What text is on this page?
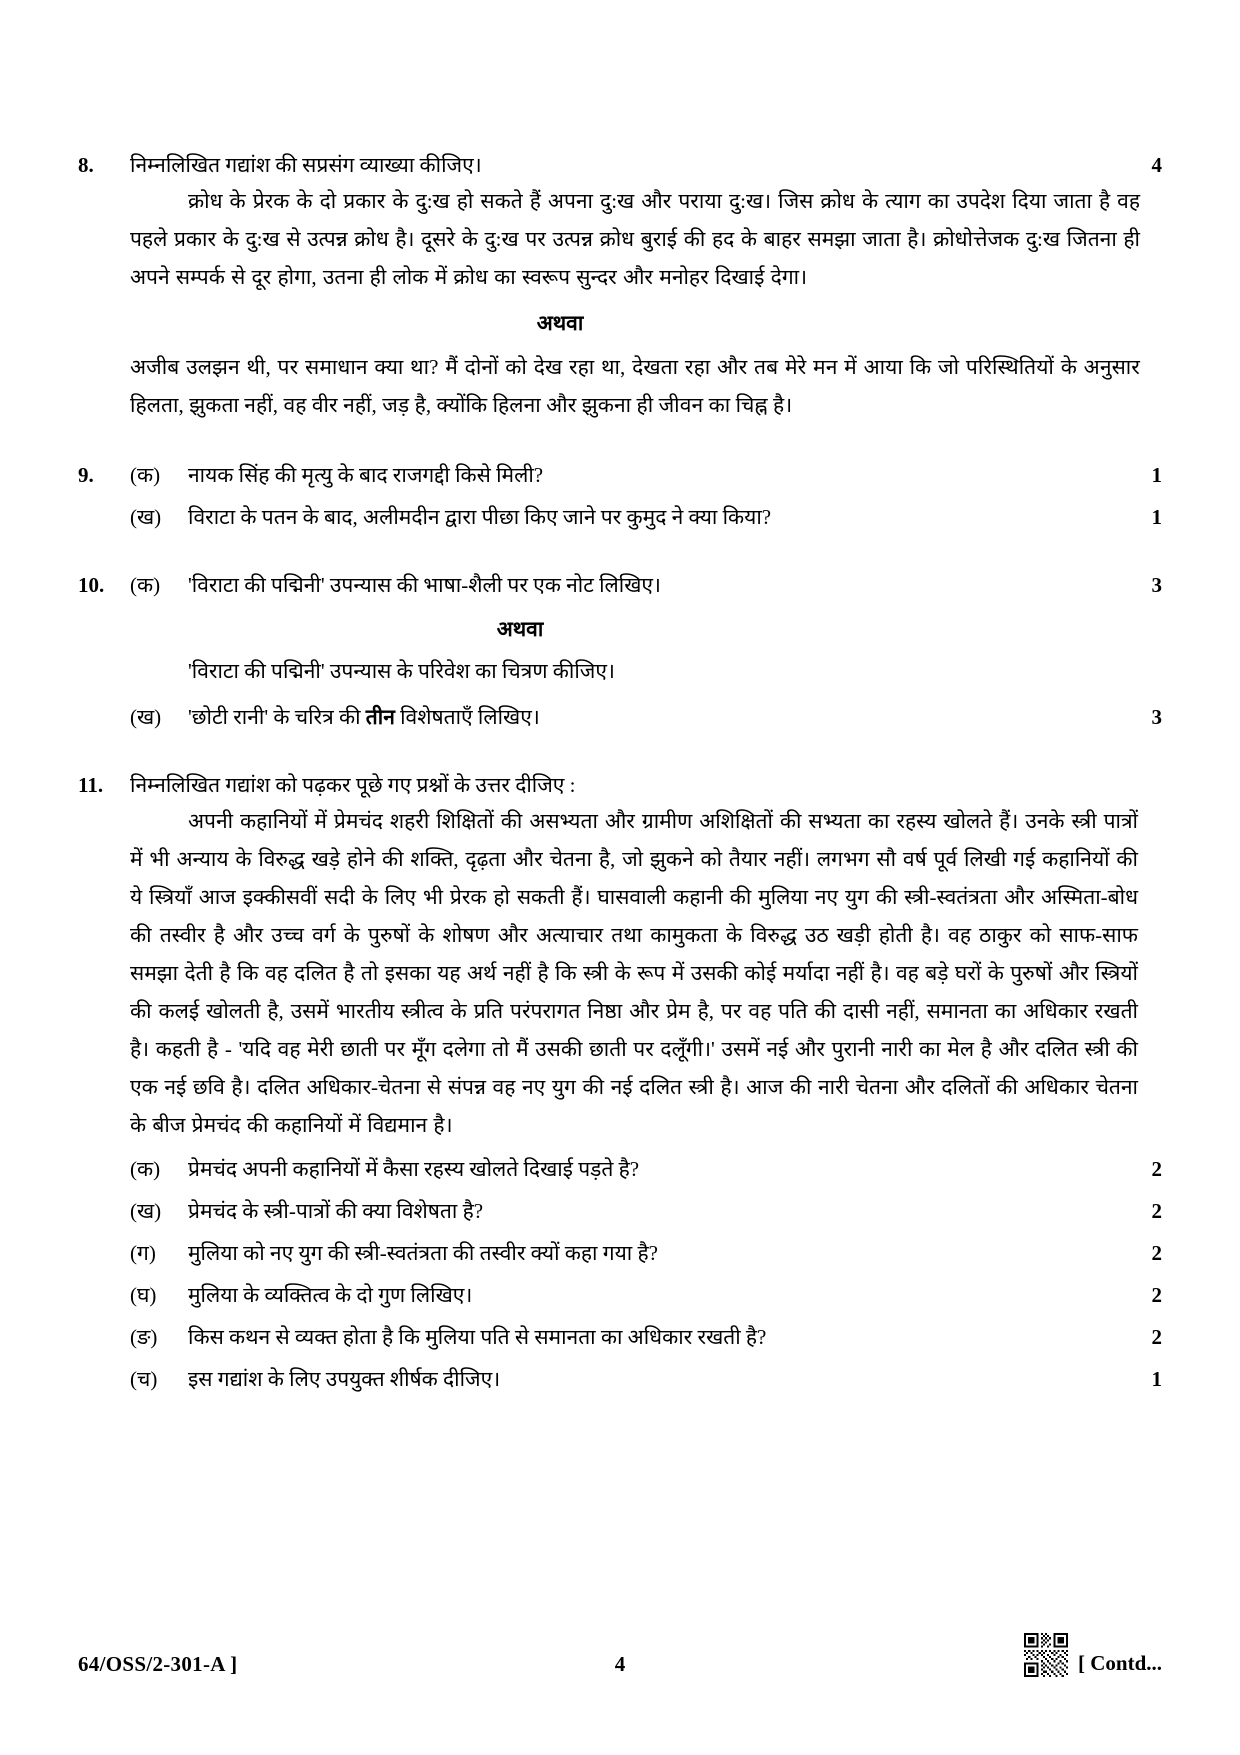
8.	निम्नलिखित गद्यांश की सप्रसंग व्याख्या कीजिए।	4

क्रोध के प्रेरक के दो प्रकार के दु:ख हो सकते हैं अपना दु:ख और पराया दु:ख। जिस क्रोध के त्याग का उपदेश दिया जाता है वह पहले प्रकार के दु:ख से उत्पन्न क्रोध है। दूसरे के दु:ख पर उत्पन्न क्रोध बुराई की हद के बाहर समझा जाता है। क्रोधोत्तेजक दु:ख जितना ही अपने सम्पर्क से दूर होगा, उतना ही लोक में क्रोध का स्वरूप सुन्दर और मनोहर दिखाई देगा।

अथवा

अजीब उलझन थी, पर समाधान क्या था? मैं दोनों को देख रहा था, देखता रहा और तब मेरे मन में आया कि जो परिस्थितियों के अनुसार हिलता, झुकता नहीं, वह वीर नहीं, जड़ है, क्योंकि हिलना और झुकना ही जीवन का चिह्न है।

9.	(क)	नायक सिंह की मृत्यु के बाद राजगद्दी किसे मिली?	1
(ख)	विराटा के पतन के बाद, अलीमदीन द्वारा पीछा किए जाने पर कुमुद ने क्या किया?	1
10.	(क)	'विराटा की पद्मिनी' उपन्यास की भाषा-शैली पर एक नोट लिखिए।	3
अथवा
'विराटा की पद्मिनी' उपन्यास के परिवेश का चित्रण कीजिए।
(ख)	'छोटी रानी' के चरित्र की तीन विशेषताएँ लिखिए।	3
11.	निम्नलिखित गद्यांश को पढ़कर पूछे गए प्रश्नों के उत्तर दीजिए :

अपनी कहानियों में प्रेमचंद शहरी शिक्षितों की असभ्यता और ग्रामीण अशिक्षितों की सभ्यता का रहस्य खोलते हैं। उनके स्त्री पात्रों में भी अन्याय के विरुद्ध खड़े होने की शक्ति, दृढ़ता और चेतना है, जो झुकने को तैयार नहीं। लगभग सौ वर्ष पूर्व लिखी गई कहानियों की ये स्त्रियाँ आज इक्कीसवीं सदी के लिए भी प्रेरक हो सकती हैं। घासवाली कहानी की मुलिया नए युग की स्त्री-स्वतंत्रता और अस्मिता-बोध की तस्वीर है और उच्च वर्ग के पुरुषों के शोषण और अत्याचार तथा कामुकता के विरुद्ध उठ खड़ी होती है। वह ठाकुर को साफ-साफ समझा देती है कि वह दलित है तो इसका यह अर्थ नहीं है कि स्त्री के रूप में उसकी कोई मर्यादा नहीं है। वह बड़े घरों के पुरुषों और स्त्रियों की कलई खोलती है, उसमें भारतीय स्त्रीत्व के प्रति परंपरागत निष्ठा और प्रेम है, पर वह पति की दासी नहीं, समानता का अधिकार रखती है। कहती है - 'यदि वह मेरी छाती पर मूँग दलेगा तो मैं उसकी छाती पर दलूँगी।' उसमें नई और पुरानी नारी का मेल है और दलित स्त्री की एक नई छवि है। दलित अधिकार-चेतना से संपन्न वह नए युग की नई दलित स्त्री है। आज की नारी चेतना और दलितों की अधिकार चेतना के बीज प्रेमचंद की कहानियों में विद्यमान है।

(क)	प्रेमचंद अपनी कहानियों में कैसा रहस्य खोलते दिखाई पड़ते है?	2
(ख)	प्रेमचंद के स्त्री-पात्रों की क्या विशेषता है?	2
(ग)	मुलिया को नए युग की स्त्री-स्वतंत्रता की तस्वीर क्यों कहा गया है?	2
(घ)	मुलिया के व्यक्तित्व के दो गुण लिखिए।	2
(ङ)	किस कथन से व्यक्त होता है कि मुलिया पति से समानता का अधिकार रखती है?	2
(च)	इस गद्यांश के लिए उपयुक्त शीर्षक दीजिए।	1
64/OSS/2-301-A ]	4	[ Contd...
